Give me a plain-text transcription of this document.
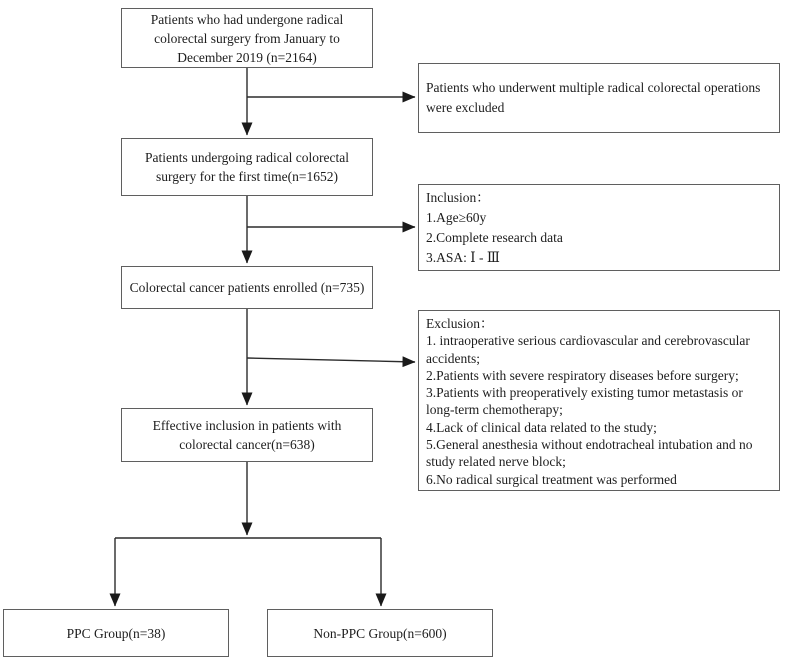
Patients who had undergone radical colorectal surgery from January to December 2019 (n=2164)
Patients undergoing radical colorectal surgery for the first time(n=1652)
Colorectal cancer patients enrolled (n=735)
Effective inclusion in patients with colorectal cancer(n=638)
Patients who underwent multiple radical colorectal operations were excluded
Inclusion：
1.Age≥60y
2.Complete research data
3.ASA: Ⅰ - Ⅲ
Exclusion：
1. intraoperative serious cardiovascular and cerebrovascular accidents;
2.Patients with severe respiratory diseases before surgery;
3.Patients with preoperatively existing tumor metastasis or long-term chemotherapy;
4.Lack of clinical data related to the study;
5.General anesthesia without endotracheal intubation and no study related nerve block;
6.No radical surgical treatment was performed
PPC Group(n=38)	Non-PPC Group(n=600)
